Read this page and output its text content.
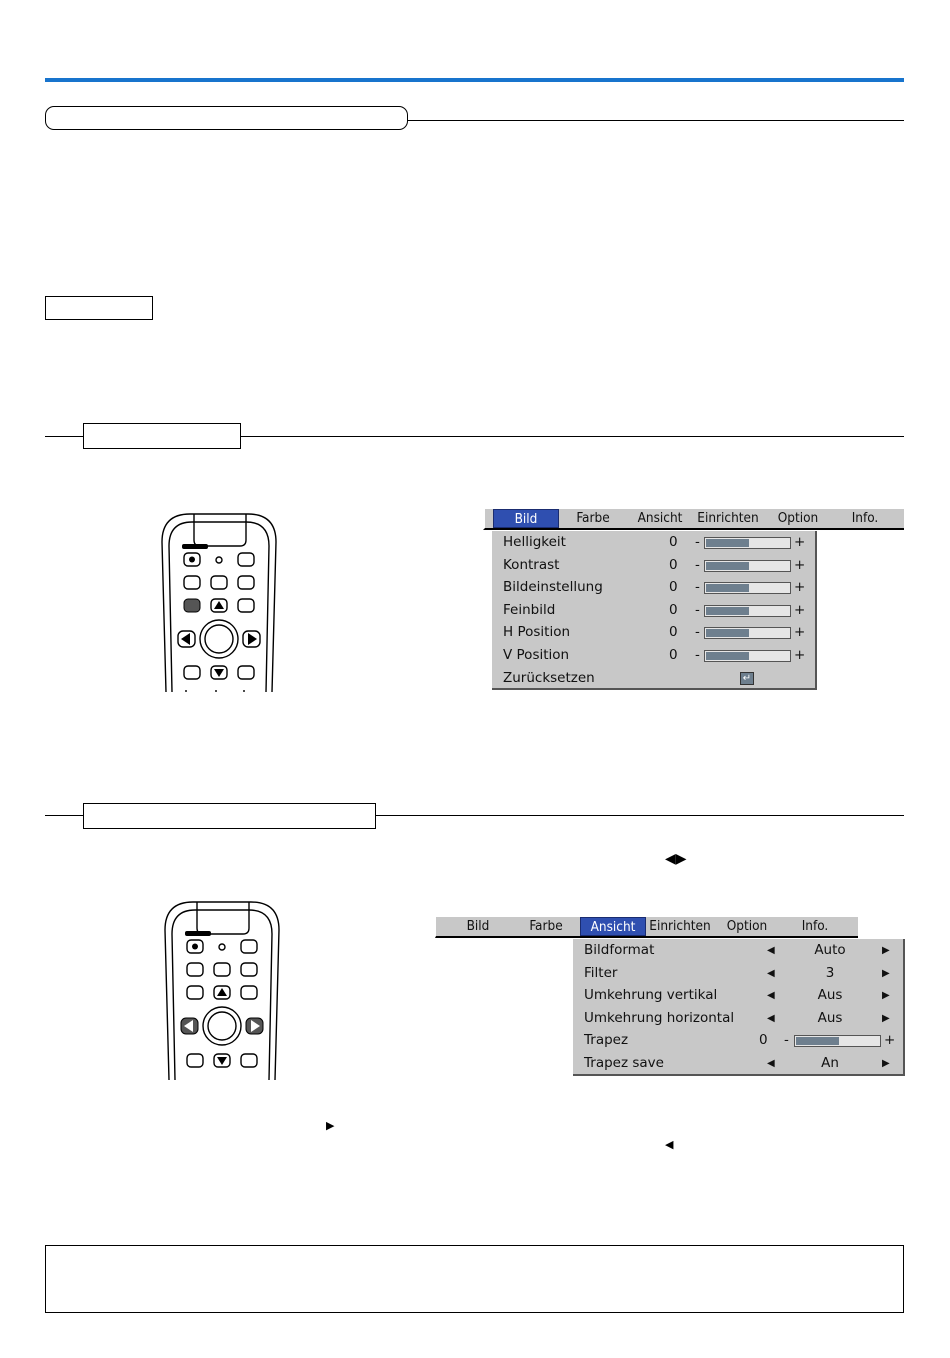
Bild	Farbe	Ansicht	Einrichten	Option	Info.
Helligkeit	0 -	+
Kontrast	0 -	+
Bildeinstellung	0 -	+
Feinbild	0 -	+
H Position	0 -	+
V Position	0 -	+
Zurücksetzen	↵
Bild	Farbe	Ansicht	Einrichten	Option	Info.
Bildformat	◀	Auto	▶
Filter	◀	3	▶
Umkehrung vertikal	◀	Aus	▶
Umkehrung horizontal	◀	Aus	▶
Trapez	0 -	+
Trapez save	◀	An	▶
◀▶
▶
◀
